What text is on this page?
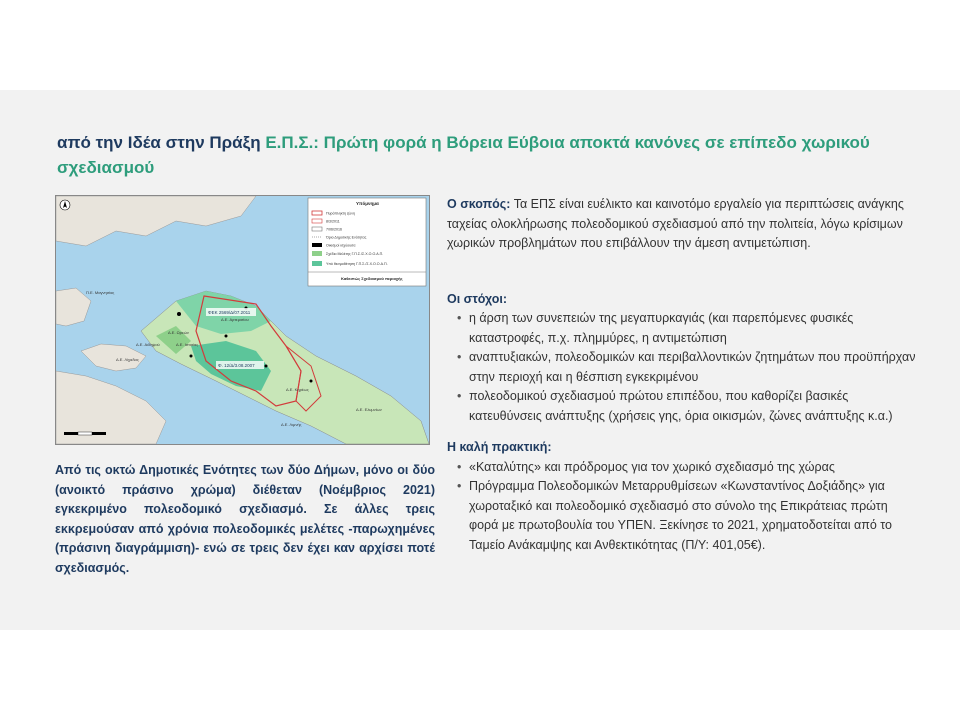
από την Ιδέα στην Πράξη Ε.Π.Σ.: Πρώτη φορά η Βόρεια Εύβοια αποκτά κανόνες σε επίπεδο χωρικού σχεδιασμού
ΦΕΚ 2569/Δ/07.2011
Φ. 12/Δ/3.08.2007
Π.Ε. Μαγνησίας
Δ.Ε. Λίχαδας
Δ.Ε. Αιδηψού
Δ.Ε. Ωρεών
Δ.Ε. Ιστιαίας
Δ.Ε. Κηρέως
Δ.Ε. Λιμνής
Δ.Ε. Ελυμνίων
Δ.Ε. Αρτεμισίου
Υπόμνημα
Πυρόπληκτη ζώνη
8/3/2011
7/06/2016
Όριο Δημοτικής Ενότητας
Οικισμοί ισχύουσα
Σχέδιο Μελέτης Γ.Π.Σ./Σ.Χ.Ο.Ο.Α.Π.
Υπό θεσμοθέτηση Γ.Π.Σ./Σ.Χ.Ο.Ο.Α.Π.
Καθεστώς Σχεδιασμού περιοχής
Από τις οκτώ Δημοτικές Ενότητες των δύο Δήμων, μόνο οι δύο (ανοικτό πράσινο χρώμα) διέθεταν (Νοέμβριος 2021) εγκεκριμένο πολεοδομικό σχεδιασμό. Σε άλλες τρεις εκκρεμούσαν από χρόνια πολεοδομικές μελέτες -παρωχημένες (πράσινη διαγράμμιση)- ενώ σε τρεις δεν έχει καν αρχίσει ποτέ σχεδιασμός.

Ο σκοπός: Τα ΕΠΣ είναι ευέλικτο και καινοτόμο εργαλείο για περιπτώσεις ανάγκης ταχείας ολοκλήρωσης πολεοδομικού σχεδιασμού από την πολιτεία, λόγω κρίσιμων χωρικών προβλημάτων που επιβάλλουν την άμεση αντιμετώπιση.

Οι στόχοι:

• η άρση των συνεπειών της μεγαπυρκαγιάς (και παρεπόμενες φυσικές καταστροφές, π.χ. πλημμύρες, η αντιμετώπιση
• αναπτυξιακών, πολεοδομικών και περιβαλλοντικών ζητημάτων που προϋπήρχαν στην περιοχή και η θέσπιση εγκεκριμένου
• πολεοδομικού σχεδιασμού πρώτου επιπέδου, που καθορίζει βασικές κατευθύνσεις ανάπτυξης (χρήσεις γης, όρια οικισμών, ζώνες ανάπτυξης κ.α.)

Η καλή πρακτική:

• «Καταλύτης» και πρόδρομος για τον χωρικό σχεδιασμό της χώρας
• Πρόγραμμα Πολεοδομικών Μεταρρυθμίσεων «Κωνσταντίνος Δοξιάδης» για χωροταξικό και πολεοδομικό σχεδιασμό στο σύνολο της Επικράτειας πρώτη φορά με πρωτοβουλία του ΥΠΕΝ. Ξεκίνησε το 2021, χρηματοδοτείται από το Ταμείο Ανάκαμψης και Ανθεκτικότητας (Π/Υ: 401,05€).
